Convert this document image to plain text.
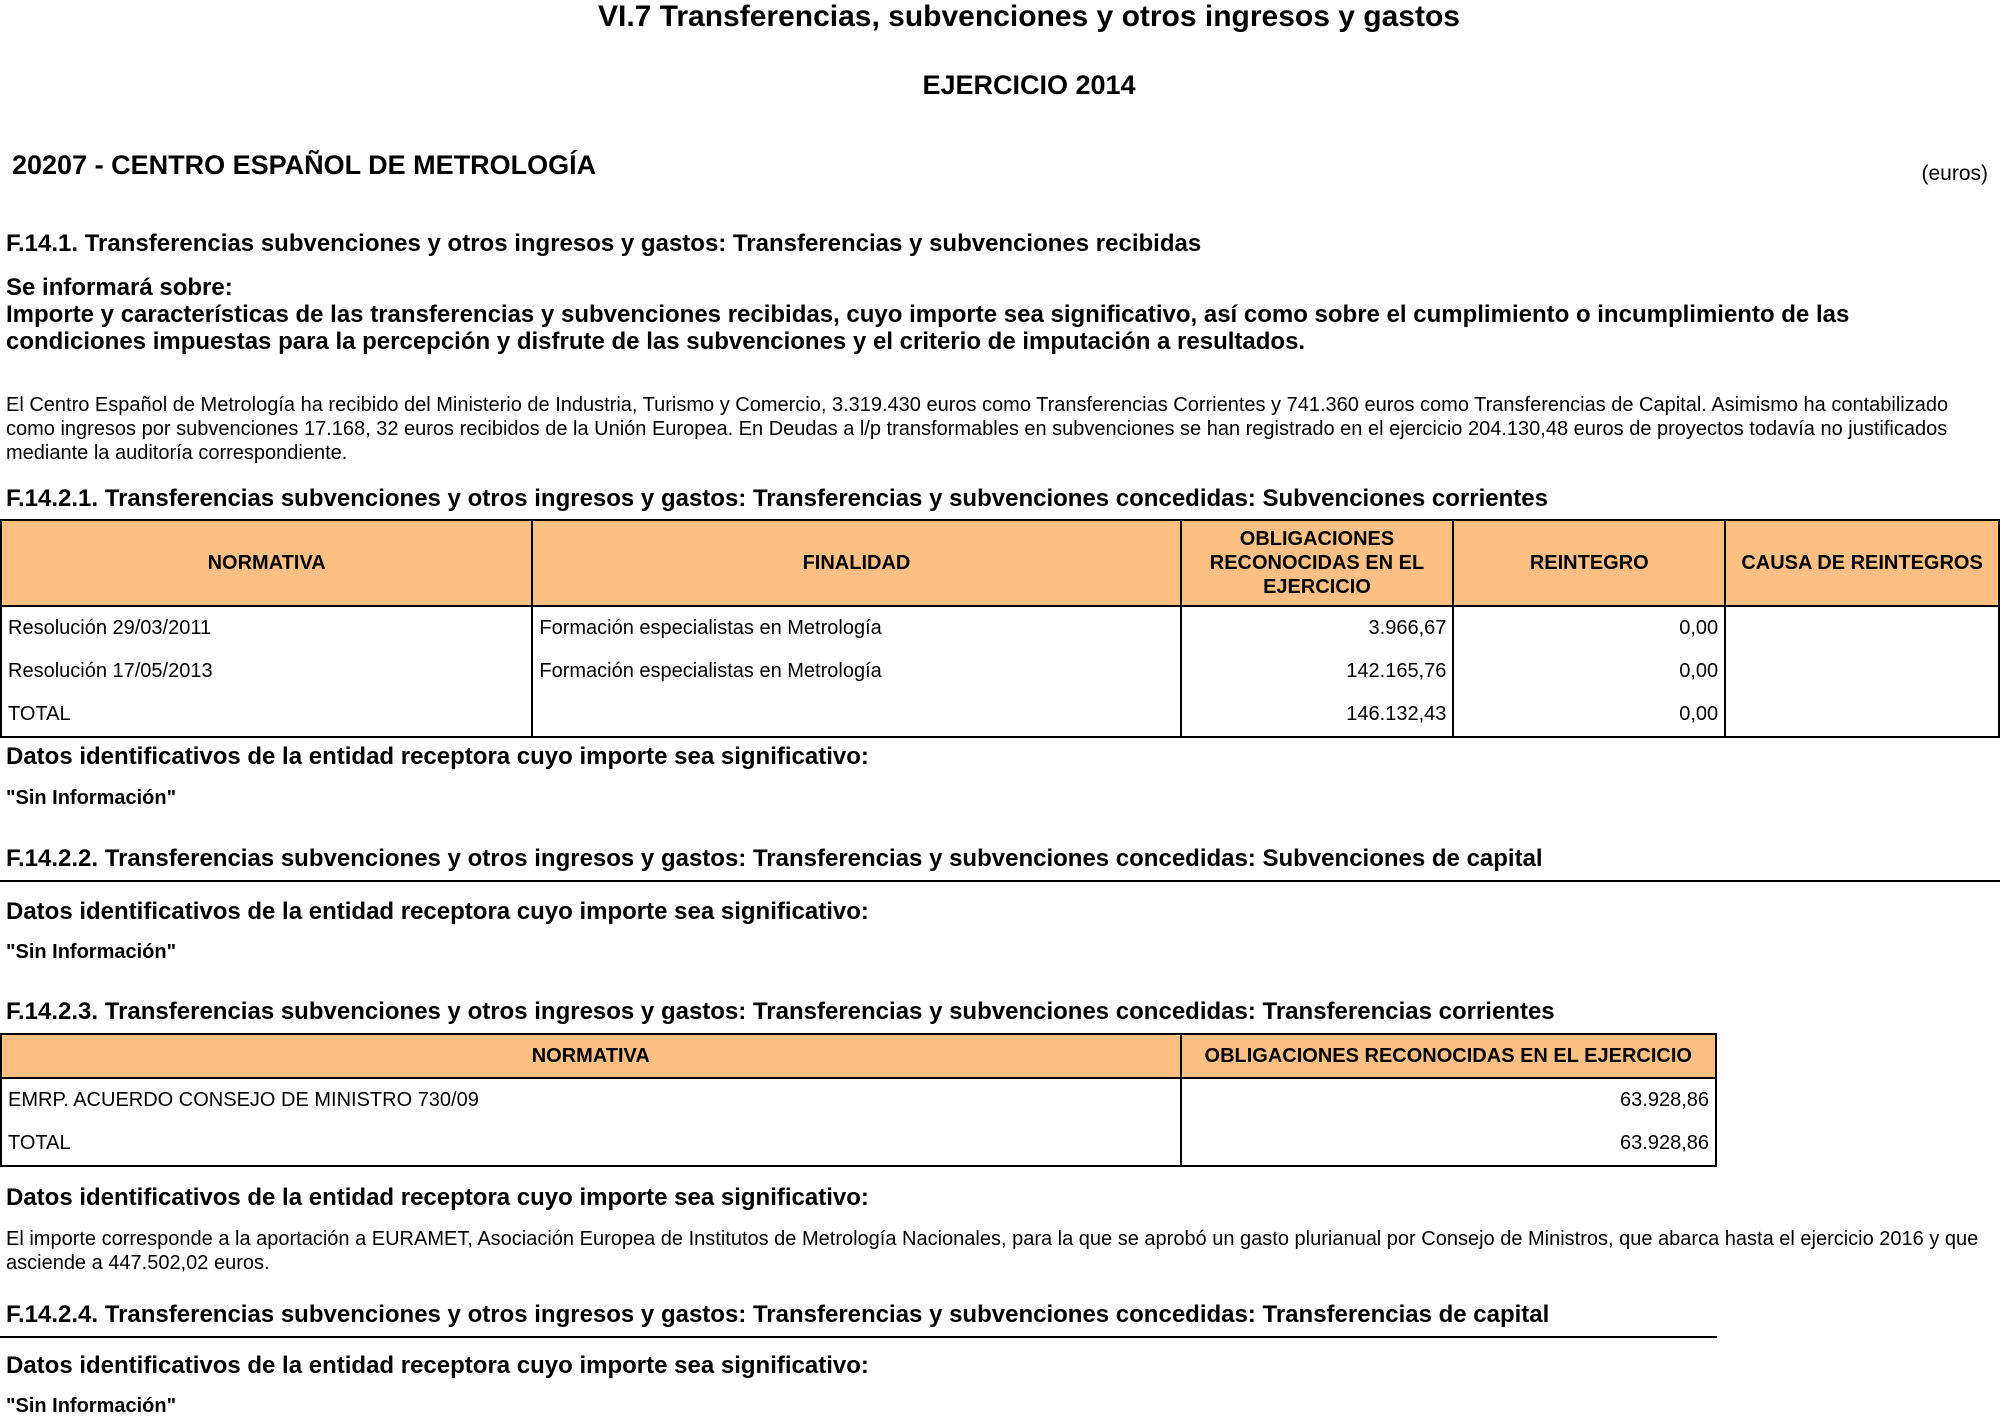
VI.7 Transferencias, subvenciones y otros ingresos y gastos
EJERCICIO 2014
20207 - CENTRO ESPAÑOL DE METROLOGÍA	(euros)
F.14.1. Transferencias subvenciones y otros ingresos y gastos: Transferencias y subvenciones recibidas
Se informará sobre:
Importe y características de las transferencias y subvenciones recibidas, cuyo importe sea significativo, así como sobre el cumplimiento o incumplimiento de las condiciones impuestas para la percepción y disfrute de las subvenciones y el criterio de imputación a resultados.
El Centro Español de Metrología ha recibido del Ministerio de Industria, Turismo y Comercio, 3.319.430 euros como Transferencias Corrientes y 741.360 euros como Transferencias de Capital. Asimismo ha contabilizado como ingresos por subvenciones 17.168, 32 euros recibidos de la Unión Europea. En Deudas a l/p transformables en subvenciones se han registrado en el ejercicio 204.130,48 euros de proyectos todavía no justificados mediante la auditoría correspondiente.
F.14.2.1. Transferencias subvenciones y otros ingresos y gastos: Transferencias y subvenciones concedidas: Subvenciones corrientes
NORMATIVA	FINALIDAD	OBLIGACIONES RECONOCIDAS EN EL EJERCICIO	REINTEGRO	CAUSA DE REINTEGROS
Resolución 29/03/2011	Formación especialistas en Metrología	3.966,67	0,00	
Resolución 17/05/2013	Formación especialistas en Metrología	142.165,76	0,00	
TOTAL		146.132,43	0,00	
Datos identificativos de la entidad receptora cuyo importe sea significativo:
"Sin Información"
F.14.2.2. Transferencias subvenciones y otros ingresos y gastos: Transferencias y subvenciones concedidas: Subvenciones de capital
Datos identificativos de la entidad receptora cuyo importe sea significativo:
"Sin Información"
F.14.2.3. Transferencias subvenciones y otros ingresos y gastos: Transferencias y subvenciones concedidas: Transferencias corrientes
NORMATIVA	OBLIGACIONES RECONOCIDAS EN EL EJERCICIO
EMRP. ACUERDO CONSEJO DE MINISTRO 730/09	63.928,86
TOTAL	63.928,86
Datos identificativos de la entidad receptora cuyo importe sea significativo:
El importe corresponde a la aportación a EURAMET, Asociación Europea de Institutos de Metrología Nacionales, para la que se aprobó un gasto plurianual por Consejo de Ministros, que abarca hasta el ejercicio 2016 y que asciende a 447.502,02 euros.
F.14.2.4. Transferencias subvenciones y otros ingresos y gastos: Transferencias y subvenciones concedidas: Transferencias de capital
Datos identificativos de la entidad receptora cuyo importe sea significativo:
"Sin Información"
